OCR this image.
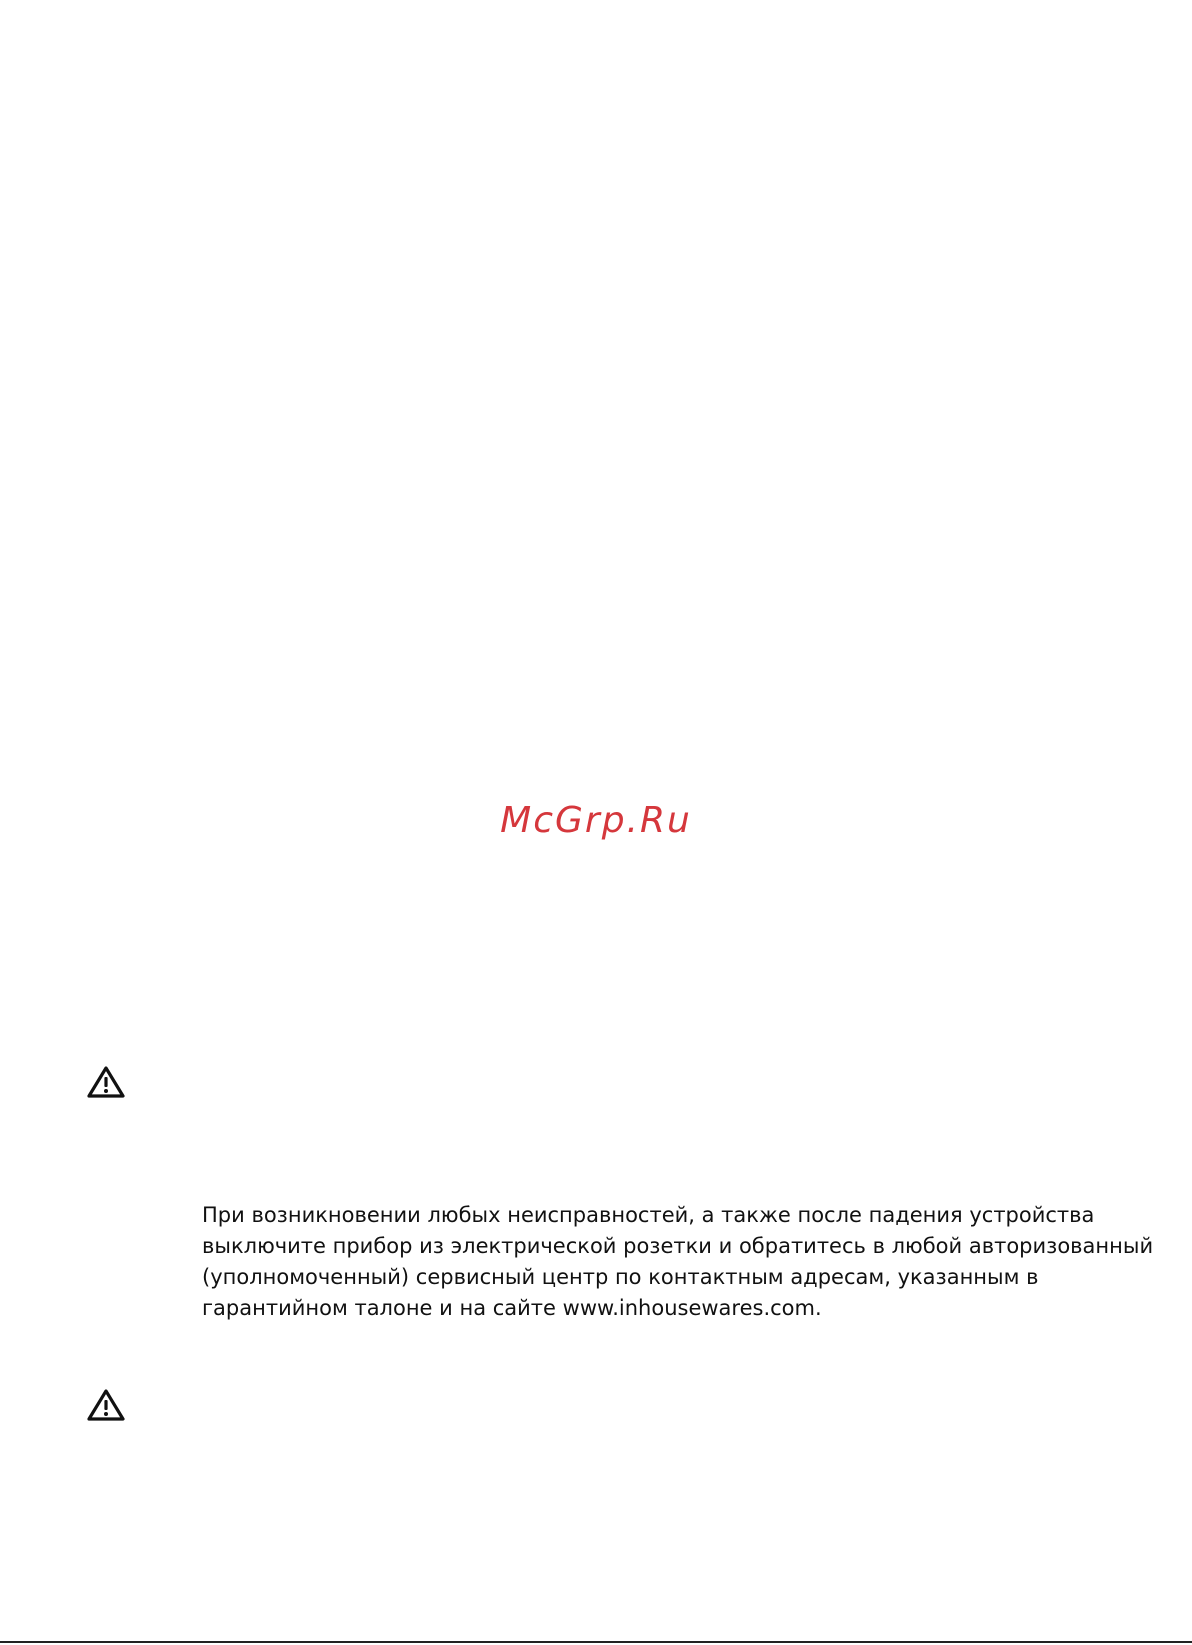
McGrp.Ru

При возникновении любых неисправностей, а также после падения устройства
выключите прибор из электрической розетки и обратитесь в любой авторизованный
(уполномоченный) сервисный центр по контактным адресам, указанным в
гарантийном талоне и на сайте www.inhousewares.com.
